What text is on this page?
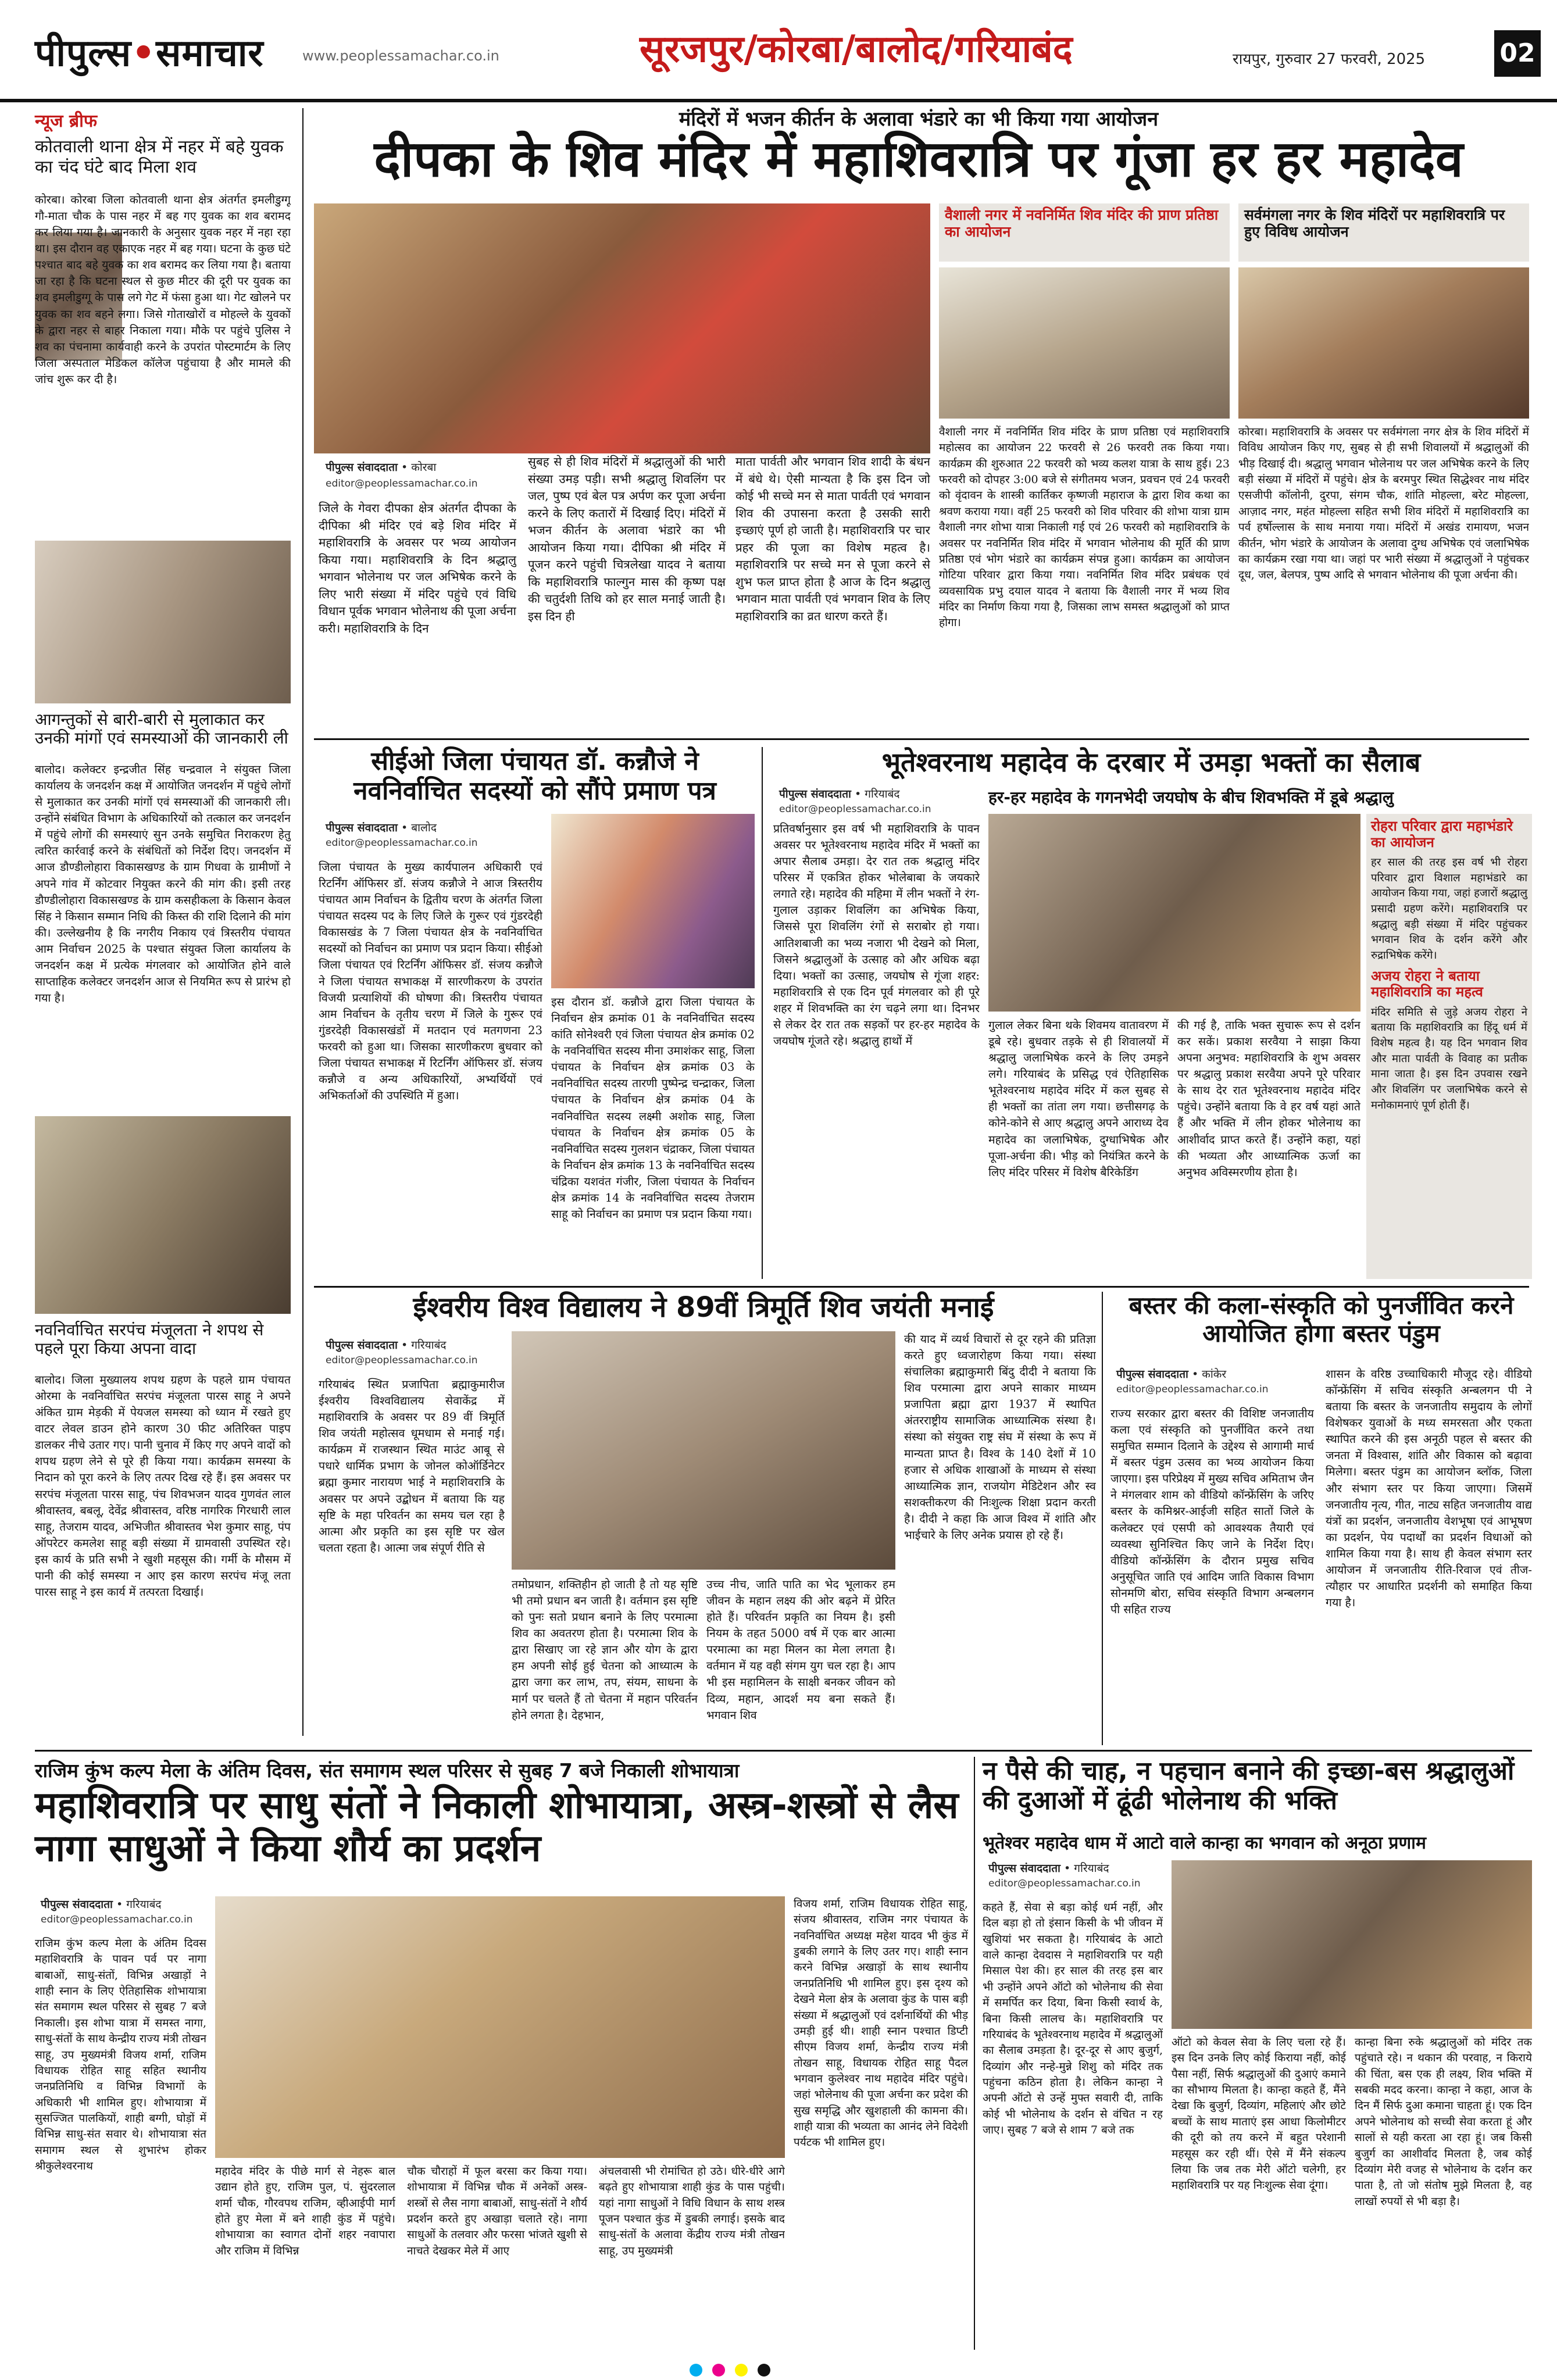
पीपुल्स•समाचार	www.peoplessamachar.co.in	सूरजपुर/कोरबा/बालोद/गरियाबंद	रायपुर, गुरुवार 27 फरवरी, 2025	02
न्यूज ब्रीफ
कोतवाली थाना क्षेत्र में नहर में बहे युवक का चंद घंटे बाद मिला शव
कोरबा। कोरबा जिला कोतवाली थाना क्षेत्र अंतर्गत इमलीडुग्गू गौ-माता चौक के पास नहर में बह गए युवक का शव बरामद कर लिया गया है। जानकारी के अनुसार युवक नहर में नहा रहा था। इस दौरान वह एकाएक नहर में बह गया। घटना के कुछ घंटे पश्चात बाद बहे युवक का शव बरामद कर लिया गया है। बताया जा रहा है कि घटना स्थल से कुछ मीटर की दूरी पर युवक का शव इमलीडुग्गू के पास लगे गेट में फंसा हुआ था। गेट खोलने पर युवक का शव बहने लगा। जिसे गोताखोरों व मोहल्ले के युवकों के द्वारा नहर से बाहर निकाला गया। मौके पर पहुंचे पुलिस ने शव का पंचनामा कार्यवाही करने के उपरांत पोस्टमार्टम के लिए जिला अस्पताल मेडिकल कॉलेज पहुंचाया है और मामले की जांच शुरू कर दी है।
आगन्तुकों से बारी-बारी से मुलाकात कर उनकी मांगों एवं समस्याओं की जानकारी ली
बालोद। कलेक्टर इन्द्रजीत सिंह चन्द्रवाल ने संयुक्त जिला कार्यालय के जनदर्शन कक्ष में आयोजित जनदर्शन में पहुंचे लोगों से मुलाकात कर उनकी मांगों एवं समस्याओं की जानकारी ली। उन्होंने संबंधित विभाग के अधिकारियों को तत्काल कर जनदर्शन में पहुंचे लोगों की समस्याएं सुन उनके समुचित निराकरण हेतु त्वरित कार्रवाई करने के संबंधितों को निर्देश दिए। जनदर्शन में आज डौण्डीलोहारा विकासखण्ड के ग्राम गिधवा के ग्रामीणों ने अपने गांव में कोटवार नियुक्त करने की मांग की। इसी तरह डौण्डीलोहारा विकासखण्ड के ग्राम कसहीकला के किसान केवल सिंह ने किसान सम्मान निधि की किस्त की राशि दिलाने की मांग की। उल्लेखनीय है कि नगरीय निकाय एवं त्रिस्तरीय पंचायत आम निर्वाचन 2025 के पश्चात संयुक्त जिला कार्यालय के जनदर्शन कक्ष में प्रत्येक मंगलवार को आयोजित होने वाले साप्ताहिक कलेक्टर जनदर्शन आज से नियमित रूप से प्रारंभ हो गया है।
नवनिर्वाचित सरपंच मंजूलता ने शपथ से पहले पूरा किया अपना वादा
बालोद। जिला मुख्यालय शपथ ग्रहण के पहले ग्राम पंचायत ओरमा के नवनिर्वाचित सरपंच मंजूलता पारस साहू ने अपने अंकित ग्राम मेड़की में पेयजल समस्या को ध्यान में रखते हुए वाटर लेवल डाउन होने कारण 30 फीट अतिरिक्त पाइप डालकर नीचे उतार गए। पानी चुनाव में किए गए अपने वादों को शपथ ग्रहण लेने से पूरे ही किया गया। कार्यक्रम समस्या के निदान को पूरा करने के लिए तत्पर दिख रहे हैं। इस अवसर पर सरपंच मंजूलता पारस साहू, पंच शिवभजन यादव गुणवंत लाल श्रीवास्तव, बबलू, देवेंद्र श्रीवास्तव, वरिष्ठ नागरिक गिरधारी लाल साहू, तेजराम यादव, अभिजीत श्रीवास्तव भेश कुमार साहू, पंप ऑपरेटर कमलेश साहू बड़ी संख्या में ग्रामवासी उपस्थित रहे। इस कार्य के प्रति सभी ने खुशी महसूस की। गर्मी के मौसम में पानी की कोई समस्या न आए इस कारण सरपंच मंजू लता पारस साहू ने इस कार्य में तत्परता दिखाई।
मंदिरों में भजन कीर्तन के अलावा भंडारे का भी किया गया आयोजन
दीपका के शिव मंदिर में महाशिवरात्रि पर गूंजा हर हर महादेव
पीपुल्स संवाददाता • कोरबा
editor@peoplessamachar.co.in
जिले के गेवरा दीपका क्षेत्र अंतर्गत दीपका के दीपिका श्री मंदिर एवं बड़े शिव मंदिर में महाशिवरात्रि के अवसर पर भव्य आयोजन किया गया। महाशिवरात्रि के दिन श्रद्धालु भगवान भोलेनाथ पर जल अभिषेक करने के लिए भारी संख्या में मंदिर पहुंचे एवं विधि विधान पूर्वक भगवान भोलेनाथ की पूजा अर्चना करी। महाशिवरात्रि के दिन
सुबह से ही शिव मंदिरों में श्रद्धालुओं की भारी संख्या उमड़ पड़ी। सभी श्रद्धालु शिवलिंग पर जल, पुष्प एवं बेल पत्र अर्पण कर पूजा अर्चना करने के लिए कतारों में दिखाई दिए। मंदिरों में भजन कीर्तन के अलावा भंडारे का भी आयोजन किया गया। दीपिका श्री मंदिर में पूजन करने पहुंची चित्रलेखा यादव ने बताया कि महाशिवरात्रि फाल्गुन मास की कृष्ण पक्ष की चतुर्दशी तिथि को हर साल मनाई जाती है। इस दिन ही
माता पार्वती और भगवान शिव शादी के बंधन में बंधे थे। ऐसी मान्यता है कि इस दिन जो कोई भी सच्चे मन से माता पार्वती एवं भगवान शिव की उपासना करता है उसकी सारी इच्छाएं पूर्ण हो जाती है। महाशिवरात्रि पर चार प्रहर की पूजा का विशेष महत्व है। महाशिवरात्रि पर सच्चे मन से पूजा करने से शुभ फल प्राप्त होता है आज के दिन श्रद्धालु भगवान माता पार्वती एवं भगवान शिव के लिए महाशिवरात्रि का व्रत धारण करते हैं।
वैशाली नगर में नवनिर्मित शिव मंदिर की प्राण प्रतिष्ठा का आयोजन
वैशाली नगर में नवनिर्मित शिव मंदिर के प्राण प्रतिष्ठा एवं महाशिवरात्रि महोत्सव का आयोजन 22 फरवरी से 26 फरवरी तक किया गया। कार्यक्रम की शुरुआत 22 फरवरी को भव्य कलश यात्रा के साथ हुई। 23 फरवरी को दोपहर 3:00 बजे से संगीतमय भजन, प्रवचन एवं 24 फरवरी को वृंदावन के शास्त्री कार्तिकर कृष्णजी महाराज के द्वारा शिव कथा का श्रवण कराया गया। वहीं 25 फरवरी को शिव परिवार की शोभा यात्रा ग्राम वैशाली नगर शोभा यात्रा निकाली गई एवं 26 फरवरी को महाशिवरात्रि के अवसर पर नवनिर्मित शिव मंदिर में भगवान भोलेनाथ की मूर्ति की प्राण प्रतिष्ठा एवं भोग भंडारे का कार्यक्रम संपन्न हुआ। कार्यक्रम का आयोजन गोटिया परिवार द्वारा किया गया। नवनिर्मित शिव मंदिर प्रबंधक एवं व्यवसायिक प्रभु दयाल यादव ने बताया कि वैशाली नगर में भव्य शिव मंदिर का निर्माण किया गया है, जिसका लाभ समस्त श्रद्धालुओं को प्राप्त होगा।
सर्वमंगला नगर के शिव मंदिरों पर महाशिवरात्रि पर हुए विविध आयोजन
कोरबा। महाशिवरात्रि के अवसर पर सर्वमंगला नगर क्षेत्र के शिव मंदिरों में विविध आयोजन किए गए, सुबह से ही सभी शिवालयों में श्रद्धालुओं की भीड़ दिखाई दी। श्रद्धालु भगवान भोलेनाथ पर जल अभिषेक करने के लिए बड़ी संख्या में मंदिरों में पहुंचे। क्षेत्र के बरमपुर स्थित सिद्धेश्वर नाथ मंदिर एसजीपी कॉलोनी, दुरपा, संगम चौक, शांति मोहल्ला, बरेट मोहल्ला, आज़ाद नगर, महंत मोहल्ला सहित सभी शिव मंदिरों में महाशिवरात्रि का पर्व हर्षोल्लास के साथ मनाया गया। मंदिरों में अखंड रामायण, भजन कीर्तन, भोग भंडारे के आयोजन के अलावा दुग्ध अभिषेक एवं जलाभिषेक का कार्यक्रम रखा गया था। जहां पर भारी संख्या में श्रद्धालुओं ने पहुंचकर दूध, जल, बेलपत्र, पुष्प आदि से भगवान भोलेनाथ की पूजा अर्चना की।
सीईओ जिला पंचायत डॉ. कन्नौजे ने नवनिर्वाचित सदस्यों को सौंपे प्रमाण पत्र
पीपुल्स संवाददाता • बालोद
editor@peoplessamachar.co.in
जिला पंचायत के मुख्य कार्यपालन अधिकारी एवं रिटर्निंग ऑफिसर डॉ. संजय कन्नौजे ने आज त्रिस्तरीय पंचायत आम निर्वाचन के द्वितीय चरण के अंतर्गत जिला पंचायत सदस्य पद के लिए जिले के गुरूर एवं गुंडरदेही विकासखंड के 7 जिला पंचायत क्षेत्र के नवनिर्वाचित सदस्यों को निर्वाचन का प्रमाण पत्र प्रदान किया। सीईओ जिला पंचायत एवं रिटर्निंग ऑफिसर डॉ. संजय कन्नौजे ने जिला पंचायत सभाकक्ष में सारणीकरण के उपरांत विजयी प्रत्याशियों की घोषणा की। त्रिस्तरीय पंचायत आम निर्वाचन के तृतीय चरण में जिले के गुरूर एवं गुंडरदेही विकासखंडों में मतदान एवं मतगणना 23 फरवरी को हुआ था। जिसका सारणीकरण बुधवार को जिला पंचायत सभाकक्ष में रिटर्निंग ऑफिसर डॉ. संजय कन्नौजे व अन्य अधिकारियों, अभ्यर्थियों एवं अभिकर्ताओं की उपस्थिति में हुआ।
इस दौरान डॉ. कन्नौजे द्वारा जिला पंचायत के निर्वाचन क्षेत्र क्रमांक 01 के नवनिर्वाचित सदस्य कांति सोनेश्वरी एवं जिला पंचायत क्षेत्र क्रमांक 02 के नवनिर्वाचित सदस्य मीना उमाशंकर साहू, जिला पंचायत के निर्वाचन क्षेत्र क्रमांक 03 के नवनिर्वाचित सदस्य तारणी पुष्पेन्द्र चन्द्राकर, जिला पंचायत के निर्वाचन क्षेत्र क्रमांक 04 के नवनिर्वाचित सदस्य लक्ष्मी अशोक साहू, जिला पंचायत के निर्वाचन क्षेत्र क्रमांक 05 के नवनिर्वाचित सदस्य गुलशन चंद्राकर, जिला पंचायत के निर्वाचन क्षेत्र क्रमांक 13 के नवनिर्वाचित सदस्य चंद्रिका यशवंत गंजीर, जिला पंचायत के निर्वाचन क्षेत्र क्रमांक 14 के नवनिर्वाचित सदस्य तेजराम साहू को निर्वाचन का प्रमाण पत्र प्रदान किया गया।
भूतेश्वरनाथ महादेव के दरबार में उमड़ा भक्तों का सैलाब
पीपुल्स संवाददाता • गरियाबंद
editor@peoplessamachar.co.in
हर-हर महादेव के गगनभेदी जयघोष के बीच शिवभक्ति में डूबे श्रद्धालु
प्रतिवर्षानुसार इस वर्ष भी महाशिवरात्रि के पावन अवसर पर भूतेश्वरनाथ महादेव मंदिर में भक्तों का अपार सैलाब उमड़ा। देर रात तक श्रद्धालु मंदिर परिसर में एकत्रित होकर भोलेबाबा के जयकारे लगाते रहे। महादेव की महिमा में लीन भक्तों ने रंग-गुलाल उड़ाकर शिवलिंग का अभिषेक किया, जिससे पूरा शिवलिंग रंगों से सराबोर हो गया। आतिशबाजी का भव्य नजारा भी देखने को मिला, जिसने श्रद्धालुओं के उत्साह को और अधिक बढ़ा दिया। भक्तों का उत्साह, जयघोष से गूंजा शहर: महाशिवरात्रि से एक दिन पूर्व मंगलवार को ही पूरे शहर में शिवभक्ति का रंग चढ़ने लगा था। दिनभर से लेकर देर रात तक सड़कों पर हर-हर महादेव के जयघोष गूंजते रहे। श्रद्धालु हाथों में
गुलाल लेकर बिना थके शिवमय वातावरण में डूबे रहे। बुधवार तड़के से ही शिवालयों में श्रद्धालु जलाभिषेक करने के लिए उमड़ने लगे। गरियाबंद के प्रसिद्ध एवं ऐतिहासिक भूतेश्वरनाथ महादेव मंदिर में कल सुबह से ही भक्तों का तांता लग गया। छत्तीसगढ़ के कोने-कोने से आए श्रद्धालु अपने आराध्य देव महादेव का जलाभिषेक, दुग्धाभिषेक और पूजा-अर्चना की। भीड़ को नियंत्रित करने के लिए मंदिर परिसर में विशेष बैरिकेडिंग
की गई है, ताकि भक्त सुचारू रूप से दर्शन कर सकें। प्रकाश सरवैया ने साझा किया अपना अनुभव: महाशिवरात्रि के शुभ अवसर पर श्रद्धालु प्रकाश सरवैया अपने पूरे परिवार के साथ देर रात भूतेश्वरनाथ महादेव मंदिर पहुंचे। उन्होंने बताया कि वे हर वर्ष यहां आते हैं और भक्ति में लीन होकर भोलेनाथ का आशीर्वाद प्राप्त करते हैं। उन्होंने कहा, यहां की भव्यता और आध्यात्मिक ऊर्जा का अनुभव अविस्मरणीय होता है।
रोहरा परिवार द्वारा महाभंडारे का आयोजन
हर साल की तरह इस वर्ष भी रोहरा परिवार द्वारा विशाल महाभंडारे का आयोजन किया गया, जहां हजारों श्रद्धालु प्रसादी ग्रहण करेंगे। महाशिवरात्रि पर श्रद्धालु बड़ी संख्या में मंदिर पहुंचकर भगवान शिव के दर्शन करेंगे और रुद्राभिषेक करेंगे।
अजय रोहरा ने बताया महाशिवरात्रि का महत्व
मंदिर समिति से जुड़े अजय रोहरा ने बताया कि महाशिवरात्रि का हिंदू धर्म में विशेष महत्व है। यह दिन भगवान शिव और माता पार्वती के विवाह का प्रतीक माना जाता है। इस दिन उपवास रखने और शिवलिंग पर जलाभिषेक करने से मनोकामनाएं पूर्ण होती हैं।
ईश्वरीय विश्व विद्यालय ने 89वीं त्रिमूर्ति शिव जयंती मनाई
पीपुल्स संवाददाता • गरियाबंद
editor@peoplessamachar.co.in
गरियाबंद स्थित प्रजापिता ब्रह्माकुमारीज ईश्वरीय विश्वविद्यालय सेवाकेंद्र में महाशिवरात्रि के अवसर पर 89 वीं त्रिमूर्ति शिव जयंती महोत्सव धूमधाम से मनाई गई। कार्यक्रम में राजस्थान स्थित माउंट आबू से पधारे धार्मिक प्रभाग के जोनल कोऑर्डिनेटर ब्रह्मा कुमार नारायण भाई ने महाशिवरात्रि के अवसर पर अपने उद्बोधन में बताया कि यह सृष्टि के महा परिवर्तन का समय चल रहा है आत्मा और प्रकृति का इस सृष्टि पर खेल चलता रहता है। आत्मा जब संपूर्ण रीति से
तमोप्रधान, शक्तिहीन हो जाती है तो यह सृष्टि भी तमो प्रधान बन जाती है। वर्तमान इस सृष्टि को पुनः सतो प्रधान बनाने के लिए परमात्मा शिव का अवतरण होता है। परमात्मा शिव के द्वारा सिखाए जा रहे ज्ञान और योग के द्वारा हम अपनी सोई हुई चेतना को आध्यात्म के द्वारा जगा कर लाभ, तप, संयम, साधना के मार्ग पर चलते हैं तो चेतना में महान परिवर्तन होने लगता है। देहभान,
उच्च नीच, जाति पाति का भेद भूलाकर हम जीवन के महान लक्ष्य की ओर बढ़ने में प्रेरित होते हैं। परिवर्तन प्रकृति का नियम है। इसी नियम के तहत 5000 वर्ष में एक बार आत्मा परमात्मा का महा मिलन का मेला लगता है। वर्तमान में यह वही संगम युग चल रहा है। आप भी इस महामिलन के साक्षी बनकर जीवन को दिव्य, महान, आदर्श मय बना सकते हैं। भगवान शिव
की याद में व्यर्थ विचारों से दूर रहने की प्रतिज्ञा करते हुए ध्वजारोहण किया गया। संस्था संचालिका ब्रह्माकुमारी बिंदु दीदी ने बताया कि शिव परमात्मा द्वारा अपने साकार माध्यम प्रजापिता ब्रह्मा द्वारा 1937 में स्थापित अंतरराष्ट्रीय सामाजिक आध्यात्मिक संस्था है। संस्था को संयुक्त राष्ट्र संघ में संस्था के रूप में मान्यता प्राप्त है। विश्व के 140 देशों में 10 हजार से अधिक शाखाओं के माध्यम से संस्था आध्यात्मिक ज्ञान, राजयोग मेडिटेशन और स्व सशक्तीकरण की निःशुल्क शिक्षा प्रदान करती है। दीदी ने कहा कि आज विश्व में शांति और भाईचारे के लिए अनेक प्रयास हो रहे हैं।
बस्तर की कला-संस्कृति को पुनर्जीवित करने आयोजित होगा बस्तर पंडुम
पीपुल्स संवाददाता • कांकेर
editor@peoplessamachar.co.in
राज्य सरकार द्वारा बस्तर की विशिष्ट जनजातीय कला एवं संस्कृति को पुनर्जीवित करने तथा समुचित सम्मान दिलाने के उद्देश्य से आगामी मार्च में बस्तर पंडुम उत्सव का भव्य आयोजन किया जाएगा। इस परिप्रेक्ष्य में मुख्य सचिव अमिताभ जैन ने मंगलवार शाम को वीडियो कॉन्फ्रेंसिंग के जरिए बस्तर के कमिश्नर-आईजी सहित सातों जिले के कलेक्टर एवं एसपी को आवश्यक तैयारी एवं व्यवस्था सुनिश्चित किए जाने के निर्देश दिए। वीडियो कॉन्फ्रेंसिंग के दौरान प्रमुख सचिव अनुसूचित जाति एवं आदिम जाति विकास विभाग सोनमणि बोरा, सचिव संस्कृति विभाग अन्बलगन पी सहित राज्य
शासन के वरिष्ठ उच्चाधिकारी मौजूद रहे। वीडियो कॉन्फ्रेंसिंग में सचिव संस्कृति अन्बलगन पी ने बताया कि बस्तर के जनजातीय समुदाय के लोगों विशेषकर युवाओं के मध्य समरसता और एकता स्थापित करने की इस अनूठी पहल से बस्तर की जनता में विश्वास, शांति और विकास को बढ़ावा मिलेगा। बस्तर पंडुम का आयोजन ब्लॉक, जिला और संभाग स्तर पर किया जाएगा। जिसमें जनजातीय नृत्य, गीत, नाट्य सहित जनजातीय वाद्य यंत्रों का प्रदर्शन, जनजातीय वेशभूषा एवं आभूषण का प्रदर्शन, पेय पदार्थों का प्रदर्शन विधाओं को शामिल किया गया है। साथ ही केवल संभाग स्तर आयोजन में जनजातीय रीति-रिवाज एवं तीज-त्यौहार पर आधारित प्रदर्शनी को समाहित किया गया है।
राजिम कुंभ कल्प मेला के अंतिम दिवस, संत समागम स्थल परिसर से सुबह 7 बजे निकाली शोभायात्रा
महाशिवरात्रि पर साधु संतों ने निकाली शोभायात्रा, अस्त्र-शस्त्रों से लैस नागा साधुओं ने किया शौर्य का प्रदर्शन
पीपुल्स संवाददाता • गरियाबंद
editor@peoplessamachar.co.in
राजिम कुंभ कल्प मेला के अंतिम दिवस महाशिवरात्रि के पावन पर्व पर नागा बाबाओं, साधु-संतों, विभिन्न अखाड़ों ने शाही स्नान के लिए ऐतिहासिक शोभायात्रा संत समागम स्थल परिसर से सुबह 7 बजे निकाली। इस शोभा यात्रा में समस्त नागा, साधु-संतों के साथ केन्द्रीय राज्य मंत्री तोखन साहू, उप मुख्यमंत्री विजय शर्मा, राजिम विधायक रोहित साहू सहित स्थानीय जनप्रतिनिधि व विभिन्न विभागों के अधिकारी भी शामिल हुए। शोभायात्रा में सुसज्जित पालकियों, शाही बग्गी, घोड़ों में विभिन्न साधु-संत सवार थे। शोभायात्रा संत समागम स्थल से शुभारंभ होकर श्रीकुलेश्वरनाथ	महादेव मंदिर के पीछे मार्ग से नेहरू बाल उद्यान होते हुए, राजिम पुल, पं. सुंदरलाल शर्मा चौक, गौरवपथ राजिम, व्हीआईपी मार्ग होते हुए मेला में बने शाही कुंड में पहुंचे। शोभायात्रा का स्वागत दोनों शहर नवापारा और राजिम में विभिन्न
चौक चौराहों में फूल बरसा कर किया गया। शोभायात्रा में विभिन्न चौक में अनेकों अस्त्र-शस्त्रों से लैस नागा बाबाओं, साधु-संतों ने शौर्य प्रदर्शन करते हुए अखाड़ा चलाते रहे। नागा साधुओं के तलवार और फरसा भांजते खुशी से नाचते देखकर मेले में आए
अंचलवासी भी रोमांचित हो उठे। धीरे-धीरे आगे बढ़ते हुए शोभायात्रा शाही कुंड के पास पहुंची। यहां नागा साधुओं ने विधि विधान के साथ शस्त्र पूजन पश्चात कुंड में डुबकी लगाई। इसके बाद साधु-संतों के अलावा केंद्रीय राज्य मंत्री तोखन साहू, उप मुख्यमंत्री
विजय शर्मा, राजिम विधायक रोहित साहू, संजय श्रीवास्तव, राजिम नगर पंचायत के नवनिर्वाचित अध्यक्ष महेश यादव भी कुंड में डुबकी लगाने के लिए उतर गए। शाही स्नान करने विभिन्न अखाड़ों के साथ स्थानीय जनप्रतिनिधि भी शामिल हुए। इस दृश्य को देखने मेला क्षेत्र के अलावा कुंड के पास बड़ी संख्या में श्रद्धालुओं एवं दर्शनार्थियों की भीड़ उमड़ी हुई थी। शाही स्नान पश्चात डिप्टी सीएम विजय शर्मा, केन्द्रीय राज्य मंत्री तोखन साहू, विधायक रोहित साहू पैदल भगवान कुलेश्वर नाथ महादेव मंदिर पहुंचे। जहां भोलेनाथ की पूजा अर्चना कर प्रदेश की सुख समृद्धि और खुशहाली की कामना की। शाही यात्रा की भव्यता का आनंद लेने विदेशी पर्यटक भी शामिल हुए।
न पैसे की चाह, न पहचान बनाने की इच्छा-बस श्रद्धालुओं की दुआओं में ढूंढी भोलेनाथ की भक्ति
भूतेश्वर महादेव धाम में आटो वाले कान्हा का भगवान को अनूठा प्रणाम
पीपुल्स संवाददाता • गरियाबंद
editor@peoplessamachar.co.in
कहते हैं, सेवा से बड़ा कोई धर्म नहीं, और दिल बड़ा हो तो इंसान किसी के भी जीवन में खुशियां भर सकता है। गरियाबंद के आटो वाले कान्हा देवदास ने महाशिवरात्रि पर यही मिसाल पेश की। हर साल की तरह इस बार भी उन्होंने अपने ऑटो को भोलेनाथ की सेवा में समर्पित कर दिया, बिना किसी स्वार्थ के, बिना किसी लालच के। महाशिवरात्रि पर गरियाबंद के भूतेश्वरनाथ महादेव में श्रद्धालुओं का सैलाब उमड़ता है। दूर-दूर से आए बुजुर्ग, दिव्यांग और नन्हे-मुन्ने शिशु को मंदिर तक पहुंचना कठिन होता है। लेकिन कान्हा ने अपनी ऑटो से उन्हें मुफ्त सवारी दी, ताकि कोई भी भोलेनाथ के दर्शन से वंचित न रह जाए। सुबह 7 बजे से शाम 7 बजे तक
ऑटो को केवल सेवा के लिए चला रहे हैं। इस दिन उनके लिए कोई किराया नहीं, कोई पैसा नहीं, सिर्फ श्रद्धालुओं की दुआएं कमाने का सौभाग्य मिलता है। कान्हा कहते हैं, मैंने देखा कि बुजुर्ग, दिव्यांग, महिलाएं और छोटे बच्चों के साथ माताएं इस आधा किलोमीटर की दूरी को तय करने में बहुत परेशानी महसूस कर रही थीं। ऐसे में मैंने संकल्प लिया कि जब तक मेरी ऑटो चलेगी, हर महाशिवरात्रि पर यह निःशुल्क सेवा दूंगा।
कान्हा बिना रुके श्रद्धालुओं को मंदिर तक पहुंचाते रहे। न थकान की परवाह, न किराये की चिंता, बस एक ही लक्ष्य, शिव भक्ति में सबकी मदद करना। कान्हा ने कहा, आज के दिन मैं सिर्फ दुआ कमाना चाहता हूं। एक दिन अपने भोलेनाथ को सच्ची सेवा करता हूं और सालों से यही करता आ रहा हूं। जब किसी बुजुर्ग का आशीर्वाद मिलता है, जब कोई दिव्यांग मेरी वजह से भोलेनाथ के दर्शन कर पाता है, तो जो संतोष मुझे मिलता है, वह लाखों रुपयों से भी बड़ा है।
